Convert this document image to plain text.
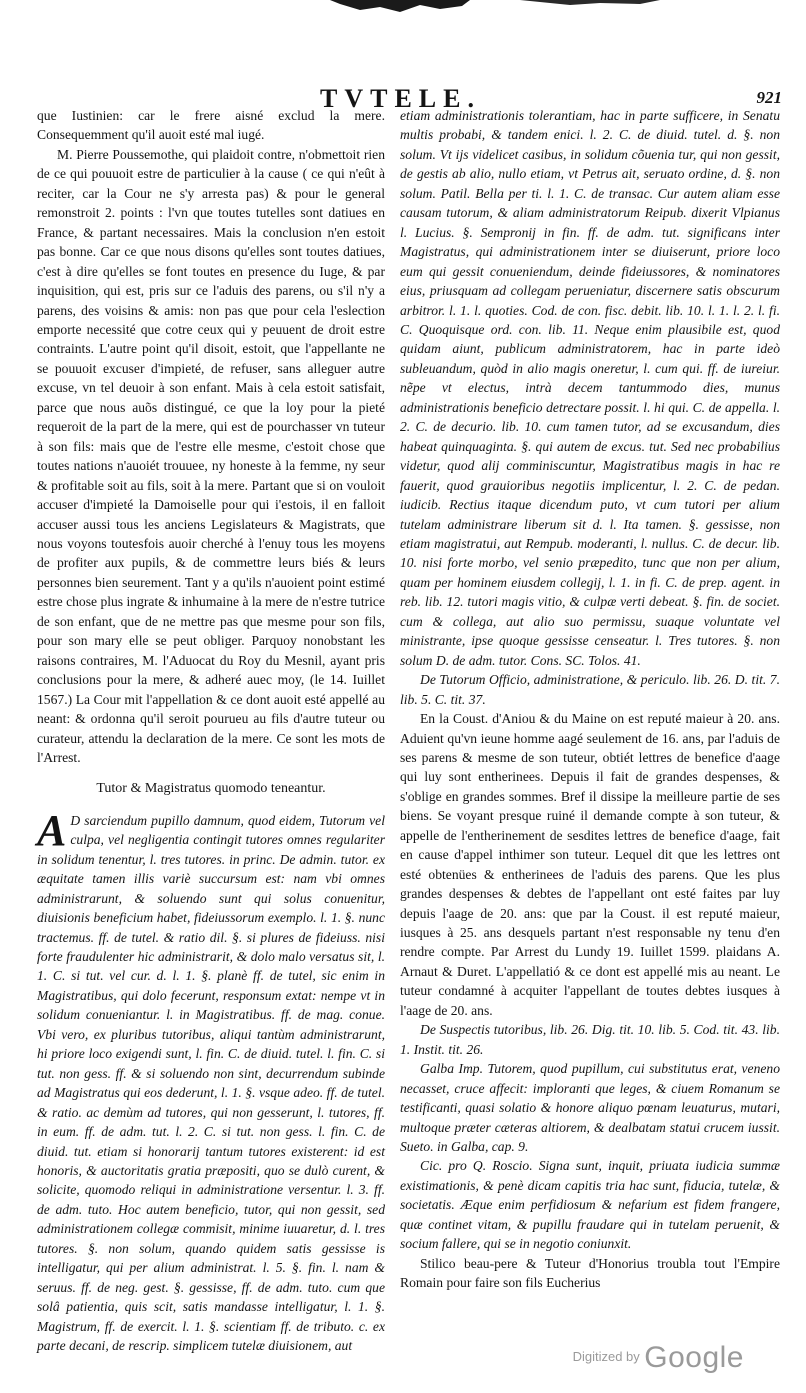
TVTELE.	921

que Iustinien: car le frere aisné exclud la mere. Consequemment qu'il auoit esté mal iugé.

M. Pierre Poussemothe, qui plaidoit contre, n'obmettoit rien de ce qui pouuoit estre de particulier à la cause ( ce qui n'eût à reciter, car la Cour ne s'y arresta pas) & pour le general remonstroit 2. points : l'vn que toutes tutelles sont datiues en France, & partant necessaires. Mais la conclusion n'en estoit pas bonne. Car ce que nous disons qu'elles sont toutes datiues, c'est à dire qu'elles se font toutes en presence du Iuge, & par inquisition, qui est, pris sur ce l'aduis des parens, ou s'il n'y a parens, des voisins & amis: non pas que pour cela l'eslection emporte necessité que cotre ceux qui y peuuent de droit estre contraints. L'autre point qu'il disoit, estoit, que l'appellante ne se pouuoit excuser d'impieté, de refuser, sans alleguer autre excuse, vn tel deuoir à son enfant. Mais à cela estoit satisfait, parce que nous auõs distingué, ce que la loy pour la pieté requeroit de la part de la mere, qui est de pourchasser vn tuteur à son fils: mais que de l'estre elle mesme, c'estoit chose que toutes nations n'auoiét trouuee, ny honeste à la femme, ny seur & profitable soit au fils, soit à la mere. Partant que si on vouloit accuser d'impieté la Damoiselle pour qui i'estois, il en falloit accuser aussi tous les anciens Legislateurs & Magistrats, que nous voyons toutesfois auoir cherché à l'enuy tous les moyens de profiter aux pupils, & de commettre leurs biés & leurs personnes bien seurement. Tant y a qu'ils n'auoient point estimé estre chose plus ingrate & inhumaine à la mere de n'estre tutrice de son enfant, que de ne mettre pas que mesme pour son fils, pour son mary elle se peut obliger. Parquoy nonobstant les raisons contraires, M. l'Aduocat du Roy du Mesnil, ayant pris conclusions pour la mere, & adheré auec moy, (le 14. Iuillet 1567.) La Cour mit l'appellation & ce dont auoit esté appellé au neant: & ordonna qu'il seroit pourueu au fils d'autre tuteur ou curateur, attendu la declaration de la mere. Ce sont les mots de l'Arrest.

Tutor & Magistratus quomodo teneantur.

A D sarciendum pupillo damnum, quod eidem, Tutorum vel culpa, vel negligentia contingit tutores omnes regulariter in solidum tenentur, l. tres tutores. in princ. De admin. tutor. ex æquitate tamen illis variè succursum est: nam vbi omnes administrarunt, & soluendo sunt qui solus conuenitur, diuisionis beneficium habet, fideiussorum exemplo. l. 1. §. nunc tractemus. ff. de tutel. & ratio dil. §. si plures de fideiuss. nisi forte fraudulenter hic administrarit, & dolo malo versatus sit, l. 1. C. si tut. vel cur. d. l. 1. §. planè ff. de tutel, sic enim in Magistratibus, qui dolo fecerunt, responsum extat: nempe vt in solidum conueniantur. l. in Magistratibus. ff. de mag. conue. Vbi vero, ex pluribus tutoribus, aliqui tantùm administrarunt, hi priore loco exigendi sunt, l. fin. C. de diuid. tutel. l. fin. C. si tut. non gess. ff. & si soluendo non sint, decurrendum subinde ad Magistratus qui eos dederunt, l. 1. §. vsque adeo. ff. de tutel. & ratio. ac demùm ad tutores, qui non gesserunt, l. tutores, ff. in eum. ff. de adm. tut. l. 2. C. si tut. non gess. l. fin. C. de diuid. tut. etiam si honorarij tantum tutores existerent: id est honoris, & auctoritatis gratia præpositi, quo se dulò curent, & solicite, quomodo reliqui in administratione versentur. l. 3. ff. de adm. tuto. Hoc autem beneficio, tutor, qui non gessit, sed administrationem collegæ commisit, minime iuuaretur, d. l. tres tutores. §. non solum, quando quidem satis gessisse is intelligatur, qui per alium administrat. l. 5. §. fin. l. nam & seruus. ff. de neg. gest. §. gessisse, ff. de adm. tuto. cum que solâ patientia, quis scit, satis mandasse intelligatur, l. 1. §. Magistrum, ff. de exercit. l. 1. §. scientiam ff. de tributo. c. ex parte decani, de rescrip. simplicem tutelæ diuisionem, aut

etiam administrationis tolerantiam, hac in parte sufficere, in Senatu multis probabi, & tandem enici. l. 2. C. de diuid. tutel. d. §. non solum. Vt ijs videlicet casibus, in solidum cõuenia tur, qui non gessit, de gestis ab alio, nullo etiam, vt Petrus ait, seruato ordine, d. §. non solum. Patil. Bella per ti. l. 1. C. de transac. Cur autem aliam esse causam tutorum, & aliam administratorum Reipub. dixerit Vlpianus l. Lucius. §. Sempronij in fin. ff. de adm. tut. significans inter Magistratus, qui administrationem inter se diuiserunt, priore loco eum qui gessit conueniendum, deinde fideiussores, & nominatores eius, priusquam ad collegam perueniatur, discernere satis obscurum arbitror. l. 1. l. quoties. Cod. de con. fisc. debit. lib. 10. l. 1. l. 2. l. fi. C. Quoquisque ord. con. lib. 11. Neque enim plausibile est, quod quidam aiunt, publicum administratorem, hac in parte ideò subleuandum, quòd in alio magis oneretur, l. cum qui. ff. de iureiur. nẽpe vt electus, intrà decem tantummodo dies, munus administrationis beneficio detrectare possit. l. hi qui. C. de appella. l. 2. C. de decurio. lib. 10. cum tamen tutor, ad se excusandum, dies habeat quinquaginta. §. qui autem de excus. tut. Sed nec probabilius videtur, quod alij comminiscuntur, Magistratibus magis in hac re fauerit, quod grauioribus negotiis implicentur, l. 2. C. de pedan. iudicib. Rectius itaque dicendum puto, vt cum tutori per alium tutelam administrare liberum sit d. l. Ita tamen. §. gessisse, non etiam magistratui, aut Rempub. moderanti, l. nullus. C. de decur. lib. 10. nisi forte morbo, vel senio præpedito, tunc que non per alium, quam per hominem eiusdem collegij, l. 1. in fi. C. de prep. agent. in reb. lib. 12. tutori magis vitio, & culpæ verti debeat. §. fin. de societ. cum & collega, aut alio suo permissu, suaque voluntate vel ministrante, ipse quoque gessisse censeatur. l. Tres tutores. §. non solum D. de adm. tutor. Cons. SC. Tolos. 41.

De Tutorum Officio, administratione, & periculo. lib. 26. D. tit. 7. lib. 5. C. tit. 37.

En la Coust. d'Aniou & du Maine on est reputé maieur à 20. ans. Aduient qu'vn ieune homme aagé seulement de 16. ans, par l'aduis de ses parens & mesme de son tuteur, obtiét lettres de benefice d'aage qui luy sont entherinees. Depuis il fait de grandes despenses, & s'oblige en grandes sommes. Bref il dissipe la meilleure partie de ses biens. Se voyant presque ruiné il demande compte à son tuteur, & appelle de l'entherinement de sesdites lettres de benefice d'aage, fait en cause d'appel inthimer son tuteur. Lequel dit que les lettres ont esté obtenües & entherinees de l'aduis des parens. Que les plus grandes despenses & debtes de l'appellant ont esté faites par luy depuis l'aage de 20. ans: que par la Coust. il est reputé maieur, iusques à 25. ans desquels partant n'est responsable ny tenu d'en rendre compte. Par Arrest du Lundy 19. Iuillet 1599. plaidans A. Arnaut & Duret. L'appellatió & ce dont est appellé mis au neant. Le tuteur condamné à acquiter l'appellant de toutes debtes iusques à l'aage de 20. ans.

De Suspectis tutoribus, lib. 26. Dig. tit. 10. lib. 5. Cod. tit. 43. lib. 1. Instit. tit. 26.

Galba Imp. Tutorem, quod pupillum, cui substitutus erat, veneno necasset, cruce affecit: imploranti que leges, & ciuem Romanum se testificanti, quasi solatio & honore aliquo pœnam leuaturus, mutari, multoque præter cæteras altiorem, & dealbatam statui crucem iussit. Sueto. in Galba, cap. 9.

Cic. pro Q. Roscio. Signa sunt, inquit, priuata iudicia summæ existimationis, & penè dicam capitis tria hac sunt, fiducia, tutelæ, & societatis. Æque enim perfidiosum & nefarium est fidem frangere, quæ continet vitam, & pupillu fraudare qui in tutelam peruenit, & socium fallere, qui se in negotio coniunxit.

Stilico beau-pere & Tuteur d'Honorius troubla tout l'Empire Romain pour faire son fils Eucherius

$^{Digitized by}$ Google
